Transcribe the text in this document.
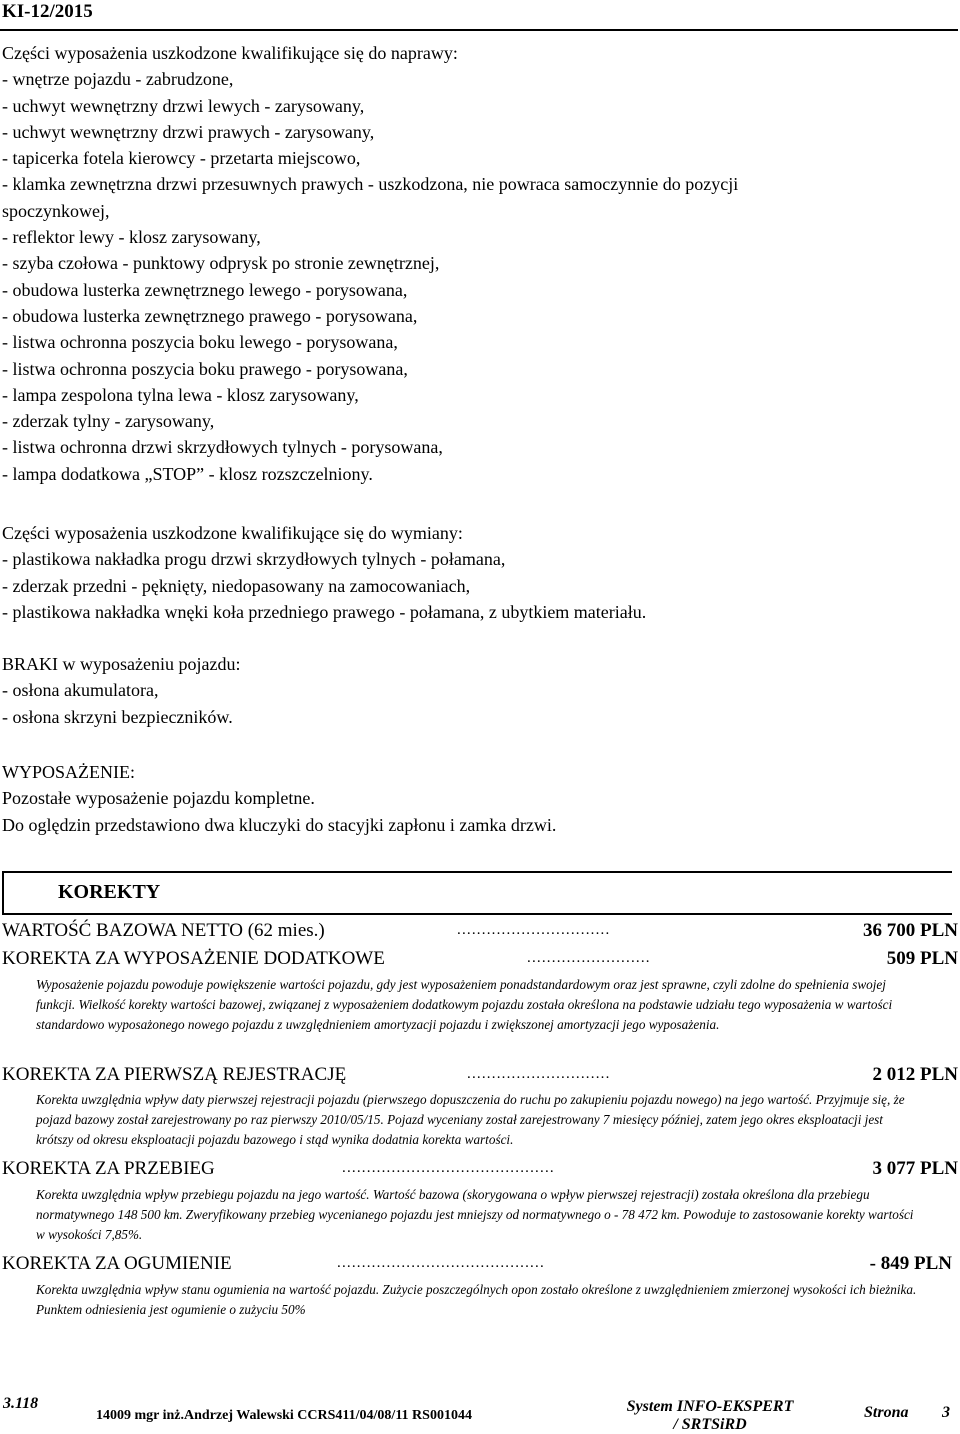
KI-12/2015
Części wyposażenia uszkodzone kwalifikujące się do naprawy:
- wnętrze pojazdu - zabrudzone,
- uchwyt wewnętrzny drzwi lewych - zarysowany,
- uchwyt wewnętrzny drzwi prawych - zarysowany,
- tapicerka fotela kierowcy - przetarta miejscowo,
- klamka zewnętrzna drzwi przesuwnych prawych - uszkodzona, nie powraca samoczynnie do pozycji spoczynkowej,
- reflektor lewy - klosz zarysowany,
- szyba czołowa - punktowy odprysk po stronie zewnętrznej,
- obudowa lusterka zewnętrznego lewego - porysowana,
- obudowa lusterka zewnętrznego prawego - porysowana,
- listwa ochronna poszycia boku lewego - porysowana,
- listwa ochronna poszycia boku prawego - porysowana,
- lampa zespolona tylna lewa - klosz zarysowany,
- zderzak tylny - zarysowany,
- listwa ochronna drzwi skrzydłowych tylnych - porysowana,
- lampa dodatkowa „STOP” - klosz rozszczelniony.
Części wyposażenia uszkodzone kwalifikujące się do wymiany:
- plastikowa nakładka progu drzwi skrzydłowych tylnych - połamana,
- zderzak przedni - pęknięty, niedopasowany na zamocowaniach,
- plastikowa nakładka wnęki koła przedniego prawego - połamana, z ubytkiem materiału.
BRAKI w wyposażeniu pojazdu:
- osłona akumulatora,
- osłona skrzyni bezpieczników.
WYPOSAŻENIE:
Pozostałe wyposażenie pojazdu kompletne.
Do oględzin przedstawiono dwa kluczyki do stacyjki zapłonu i zamka drzwi.
KOREKTY
WARTOŚĆ BAZOWA NETTO (62 mies.)	...............................	36 700 PLN
KOREKTA ZA WYPOSAŻENIE DODATKOWE	.........................	509 PLN
Wyposażenie pojazdu powoduje powiększenie wartości pojazdu, gdy jest wyposażeniem ponadstandardowym oraz jest sprawne, czyli zdolne do spełnienia swojej funkcji. Wielkość korekty wartości bazowej, związanej z wyposażeniem dodatkowym pojazdu została określona na podstawie udziału tego wyposażenia w wartości standardowo wyposażonego nowego pojazdu z uwzględnieniem amortyzacji pojazdu i zwiększonej amortyzacji jego wyposażenia.
KOREKTA ZA PIERWSZĄ REJESTRACJĘ	.............................	2 012 PLN
Korekta uwzględnia wpływ daty pierwszej rejestracji pojazdu (pierwszego dopuszczenia do ruchu po zakupieniu pojazdu nowego) na jego wartość. Przyjmuje się, że pojazd bazowy został zarejestrowany po raz pierwszy 2010/05/15. Pojazd wyceniany został zarejestrowany 7 miesięcy później, zatem jego okres eksploatacji jest krótszy od okresu eksploatacji pojazdu bazowego i stąd wynika dodatnia korekta wartości.
KOREKTA ZA PRZEBIEG	...........................................	3 077 PLN
Korekta uwzględnia wpływ przebiegu pojazdu na jego wartość. Wartość bazowa (skorygowana o wpływ pierwszej rejestracji) została określona dla przebiegu normatywnego 148 500 km. Zweryfikowany przebieg wycenianego pojazdu jest mniejszy od normatywnego o - 78 472 km. Powoduje to zastosowanie korekty wartości w wysokości 7,85%.
KOREKTA ZA OGUMIENIE	..........................................	- 849 PLN
Korekta uwzględnia wpływ stanu ogumienia na wartość pojazdu. Zużycie poszczególnych opon zostało określone z uwzględnieniem zmierzonej wysokości ich bieżnika. Punktem odniesienia jest ogumienie o zużyciu 50%
3.118
14009 mgr inż.Andrzej Walewski CCRS411/04/08/11 RS001044
System INFO-EKSPERT
/ SRTSiRD
Strona 3
